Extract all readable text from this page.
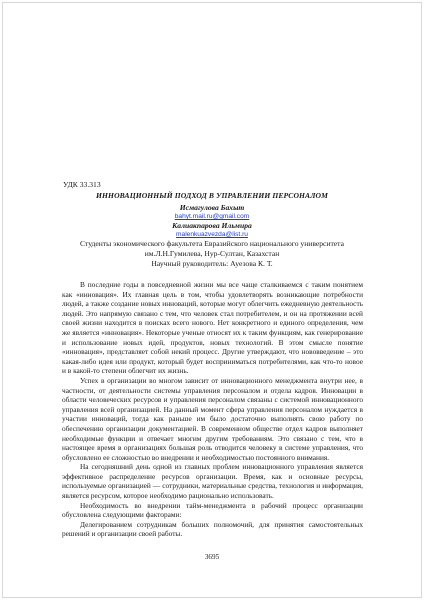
УДК 33.313
ИННОВАЦИОННЫЙ ПОДХОД В УПРАВЛЕНИИ ПЕРСОНАЛОМ
Исмагулова Бахыт
bahyt.mail.ru@gmail.com
Калиакпарова Ильмира
malenkuazvezda@list.ru
Студенты экономического факультета Евразийского национального университета
им.Л.Н.Гумилева, Нур-Султан, Казахстан
Научный руководитель: Ауезова К. Т.

В последние годы в повседневной жизни мы все чаще сталкиваемся с таким понятием как «инновация». Их главная цель в том, чтобы удовлетворять возникающие потребности людей, а также создание новых инноваций, которые могут облегчить ежедневную деятельность людей. Это напрямую связано с тем, что человек стал потребителем, и он на протяжении всей своей жизни находится в поисках всего нового. Нет конкретного и единого определения, чем же является «инновация». Некоторые ученые относят их к таким функциям, как генерирование и использование новых идей, продуктов, новых технологий. В этом смысле понятие «инновация», представляет собой некий процесс. Другие утверждают, что нововведение – это какая-либо идея или продукт, который будет восприниматься потребителями, как что-то новое и в какой-то степени облегчит их жизнь.

Успех в организации во многом зависит от инновационного менеджмента внутри нее, в частности, от деятельности системы управления персоналом и отдела кадров. Инновации в области человеческих ресурсов и управления персоналом связаны с системой инновационного управления всей организацией. На данный момент сфера управления персоналом нуждается в участии инноваций, тогда как раньше им было достаточно выполнять свою работу по обеспечению организации документацией. В современном обществе отдел кадров выполняет необходимые функции и отвечает многим другим требованиям. Это связано с тем, что в настоящее время в организациях большая роль отводится человеку в системе управления, что обусловлено ее сложностью во внедрении и необходимостью постоянного внимания.

На сегодняшний день одной из главных проблем инновационного управления является эффективное распределение ресурсов организации. Время, как и основные ресурсы, используемые организацией — сотрудники, материальные средства, технология и информация, является ресурсом, которое необходимо рационально использовать.

Необходимость во внедрении тайм-менеджмента в рабочий процесс организации обусловлена следующими факторами:

Делегированием сотрудникам больших полномочий, для принятия самостоятельных решений и организации своей работы.

3695
